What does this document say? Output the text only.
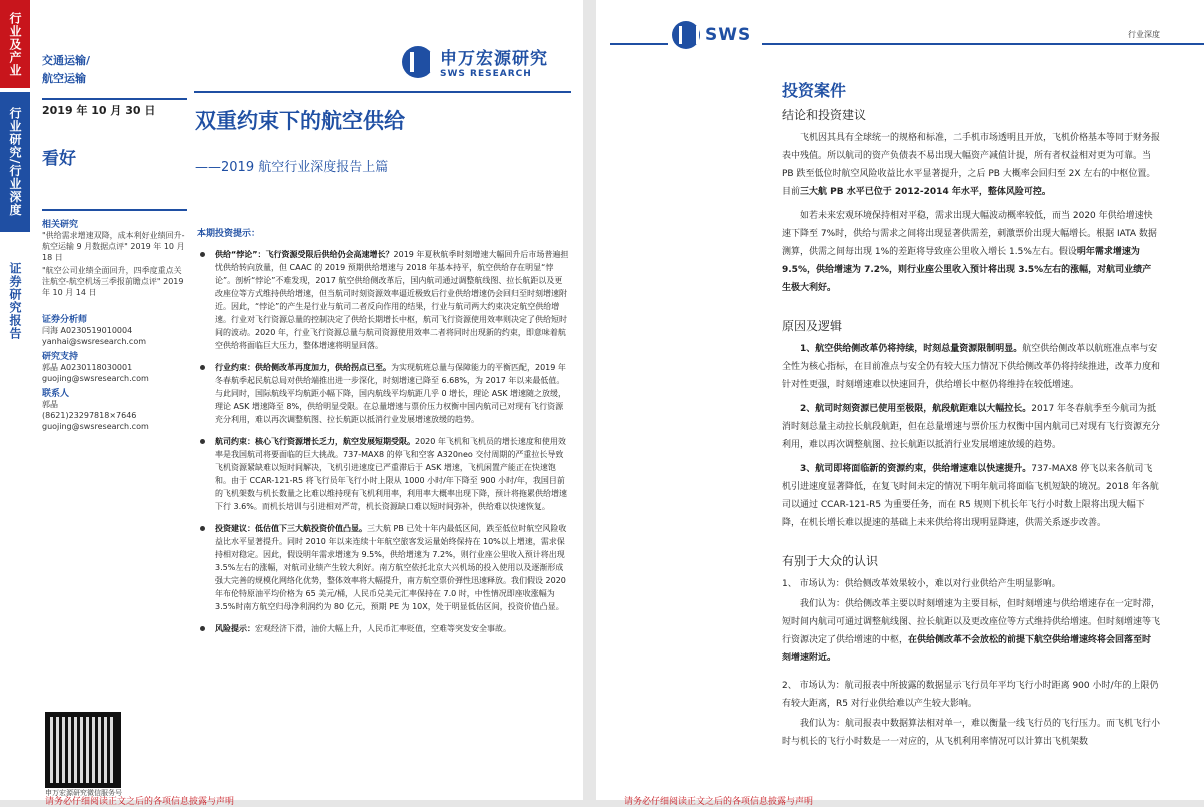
行业及产业
行业研究/行业深度
证券研究报告
交通运输/
航空运输
2019 年 10 月 30 日
看好
相关研究
"供给需求增速双降，成本利好业绩回升-航空运输 9 月数据点评" 2019 年 10 月 18 日
"航空公司业绩全面回升，四季度重点关注航空-航空机场三季报前瞻点评" 2019 年 10 月 14 日
证券分析师
闫海 A0230519010004
yanhai@swsresearch.com
研究支持
郭晶 A0230118030001
guojing@swsresearch.com
联系人
郭晶
(8621)23297818×7646
guojing@swsresearch.com
申万宏源研究微信服务号
申万宏源研究
SWS RESEARCH
双重约束下的航空供给
——2019 航空行业深度报告上篇
本期投资提示：
供给“悖论”：飞行资源受限后供给仍会高速增长？2019 年夏秋航季时刻增速大幅回升后市场普遍担忧供给转向放量，但 CAAC 的 2019 预期供给增速与 2018 年基本持平，航空供给存在明显“悖论”。剖析“悖论”不难发现，2017 航空供给侧改革后，国内航司通过调整航线图、拉长航距以及更改座位等方式维持供给增速，但当航司时刻资源效率逼近极致后行业供给增速仍会回归至时刻增速附近。因此，“悖论”的产生是行业与航司二者反向作用的结果，行业与航司两大约束决定航空供给增速。行业对飞行资源总量的控制决定了供给长期增长中枢，航司飞行资源使用效率则决定了供给短时间的波动。2020 年，行业飞行资源总量与航司资源使用效率二者将同时出现新的约束，即意味着航空供给将面临巨大压力，整体增速将明显回落。
行业约束：供给侧改革再度加力，供给拐点已至。为实现航班总量与保障能力的平衡匹配，2019 年冬春航季起民航总局对供给端推出进一步深化，时刻增速已降至 6.68%，为 2017 年以来最低值。与此同时，国际航线平均航距小幅下降，国内航线平均航距几乎 0 增长，理论 ASK 增速随之放缓，理论 ASK 增速降至 8%，供给明显受限。在总量增速与票价压力权衡中国内航司已对现有飞行资源充分利用，难以再次调整航图、拉长航距以抵消行业发展增速放缓的趋势。
航司约束：核心飞行资源增长乏力，航空发展短期受限。2020 年飞机和飞机员的增长速度和使用效率是我国航司将要面临的巨大挑战。737-MAX8 的停飞和空客 A320neo 交付周期的严重拉长导致飞机资源紧缺难以短时间解决，飞机引进速度已严重滞后于 ASK 增速，飞机闲置产能正在快速饱和。由于 CCAR-121-R5 将飞行员年飞行小时上限从 1000 小时/年下降至 900 小时/年，我国目前的飞机架数与机长数量之比难以维持现有飞机利用率，利用率大概率出现下降，预计将拖累供给增速下行 3.6%。而机长培训与引进相对严苛，机长资源缺口难以短时间弥补，供给难以快速恢复。
投资建议：低估值下三大航投资价值凸显。三大航 PB 已处十年内最低区间，跌至低位时航空风险收益比水平显著提升。同时 2010 年以来连续十年航空旅客发运量始终保持在 10%以上增速，需求保持相对稳定。因此，假设明年需求增速为 9.5%，供给增速为 7.2%，则行业座公里收入预计将出现 3.5%左右的涨幅，对航司业绩产生较大利好。南方航空依托北京大兴机场的投入使用以及逐渐形成强大完善的规模化网络化优势，整体效率将大幅提升，南方航空票价弹性迅速释放。我们假设 2020 年布伦特原油平均价格为 65 美元/桶，人民币兑美元汇率保持在 7.0 时，中性情况即座收涨幅为 3.5%时南方航空归母净利润约为 80 亿元，预期 PE 为 10X，处于明显低估区间，投资价值凸显。
风险提示：宏观经济下滑，油价大幅上升，人民币汇率贬值，空难等突发安全事故。
请务必仔细阅读正文之后的各项信息披露与声明
SWS	行业深度
投资案件
结论和投资建议

飞机因其具有全球统一的规格和标准，二手机市场透明且开放，飞机价格基本等同于财务报表中残值。所以航司的资产负债表不易出现大幅资产减值计提，所有者权益相对更为可靠。当 PB 跌至低位时航空风险收益比水平显著提升，之后 PB 大概率会回归至 2X 左右的中枢位置。目前三大航 PB 水平已位于 2012-2014 年水平，整体风险可控。

如若未来宏观环境保持相对平稳，需求出现大幅波动概率较低，而当 2020 年供给增速快速下降至 7%时，供给与需求之间将出现显著供需差，刺激票价出现大幅增长。根据 IATA 数据测算，供需之间每出现 1%的差距将导致座公里收入增长 1.5%左右。假设明年需求增速为 9.5%，供给增速为 7.2%，则行业座公里收入预计将出现 3.5%左右的涨幅，对航司业绩产生极大利好。

原因及逻辑

1、航空供给侧改革仍将持续，时刻总量资源限制明显。航空供给侧改革以航班准点率与安全性为核心指标，在目前准点与安全仍有较大压力情况下供给侧改革仍将持续推进，改革力度和针对性更强，时刻增速难以快速回升，供给增长中枢仍将维持在较低增速。

2、航司时刻资源已使用至极限，航段航距难以大幅拉长。2017 年冬春航季至今航司为抵消时刻总量主动拉长航段航距，但在总量增速与票价压力权衡中国内航司已对现有飞行资源充分利用，难以再次调整航图、拉长航距以抵消行业发展增速放缓的趋势。

3、航司即将面临新的资源约束，供给增速难以快速提升。737-MAX8 停飞以来各航司飞机引进速度显著降低，在复飞时间未定的情况下明年航司将面临飞机短缺的境况。2018 年各航司以通过 CCAR-121-R5 为重要任务，而在 R5 规则下机长年飞行小时数上限将出现大幅下降，在机长增长难以提速的基础上未来供给将出现明显降速，供需关系逐步改善。

有别于大众的认识
1、 市场认为：供给侧改革效果较小，难以对行业供给产生明显影响。

我们认为：供给侧改革主要以时刻增速为主要目标，但时刻增速与供给增速存在一定时滞，短时间内航司可通过调整航线图、拉长航距以及更改座位等方式维持供给增速。但时刻增速等飞行资源决定了供给增速的中枢，在供给侧改革不会放松的前提下航空供给增速终将会回落至时刻增速附近。

2、 市场认为：航司报表中所披露的数据显示飞行员年平均飞行小时距离 900 小时/年的上限仍有较大距离，R5 对行业供给难以产生较大影响。

我们认为：航司报表中数据算法相对单一，难以衡量一线飞行员的飞行压力。而飞机飞行小时与机长的飞行小时数是一一对应的，从飞机利用率情况可以计算出飞机架数

请务必仔细阅读正文之后的各项信息披露与声明
